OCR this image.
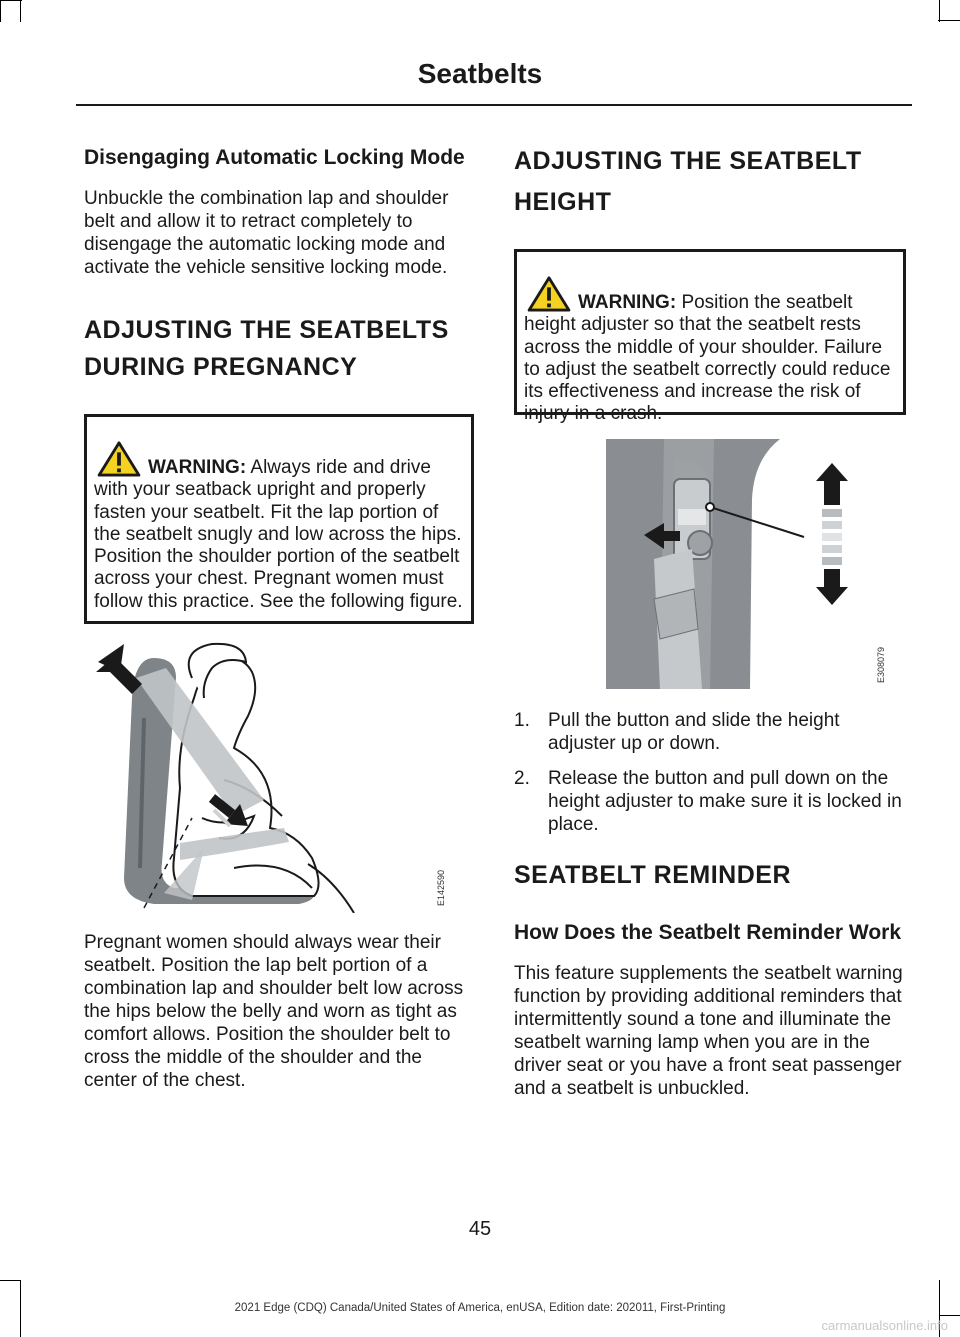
Seatbelts
Disengaging Automatic Locking Mode

Unbuckle the combination lap and shoulder belt and allow it to retract completely to disengage the automatic locking mode and activate the vehicle sensitive locking mode.

ADJUSTING THE SEATBELTS
DURING PREGNANCY
WARNING: Always ride and drive with your seatback upright and properly fasten your seatbelt. Fit the lap portion of the seatbelt snugly and low across the hips. Position the shoulder portion of the seatbelt across your chest. Pregnant women must follow this practice. See the following figure.
E142590

Pregnant women should always wear their seatbelt. Position the lap belt portion of a combination lap and shoulder belt low across the hips below the belly and worn as tight as comfort allows. Position the shoulder belt to cross the middle of the shoulder and the center of the chest.

ADJUSTING THE SEATBELT
HEIGHT
WARNING: Position the seatbelt height adjuster so that the seatbelt rests across the middle of your shoulder. Failure to adjust the seatbelt correctly could reduce its effectiveness and increase the risk of injury in a crash.
E308079
1. Pull the button and slide the height adjuster up or down.
2. Release the button and pull down on the height adjuster to make sure it is locked in place.
SEATBELT REMINDER
How Does the Seatbelt Reminder Work

This feature supplements the seatbelt warning function by providing additional reminders that intermittently sound a tone and illuminate the seatbelt warning lamp when you are in the driver seat or you have a front seat passenger and a seatbelt is unbuckled.

45
2021 Edge (CDQ) Canada/United States of America, enUSA, Edition date: 202011, First-Printing
carmanualsonline.info
